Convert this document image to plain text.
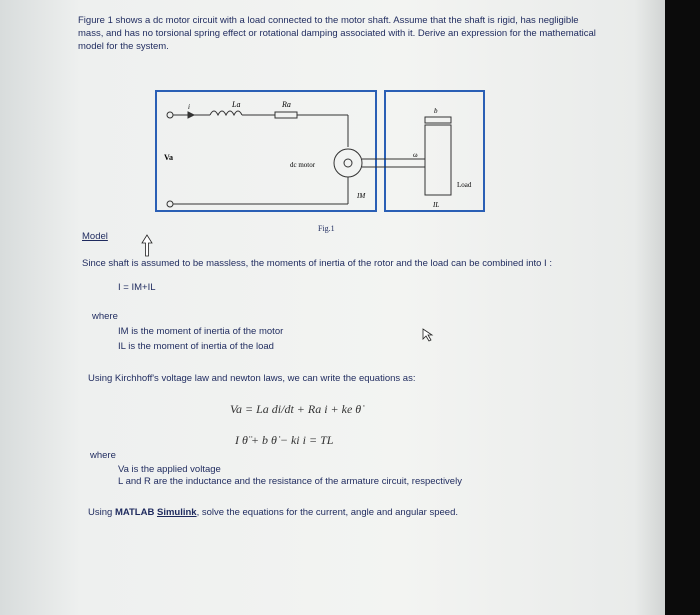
Figure 1 shows a dc motor circuit with a load connected to the motor shaft. Assume that the shaft is rigid, has negligible mass, and has no torsional spring effect or rotational damping associated with it. Derive an expression for the mathematical model for the system.
La	Ra
i
Va
dc motor
IM
ω
b
Load
IL
Fig.1
Model
Since shaft is assumed to be massless, the moments of inertia of the rotor and the load can be combined into I :
I = IM+IL
where
IM is the moment of inertia of the motor
IL is the moment of inertia of the load
Using Kirchhoff's voltage law and newton laws, we can write the equations as:
Va = La di/dt + Ra i + ke θ̇
I θ̈ + b θ̇ − ki i = TL
where
Va is the applied voltage
L and R are the inductance and the resistance of the armature circuit, respectively
Using MATLAB Simulink, solve the equations for the current, angle and angular speed.
